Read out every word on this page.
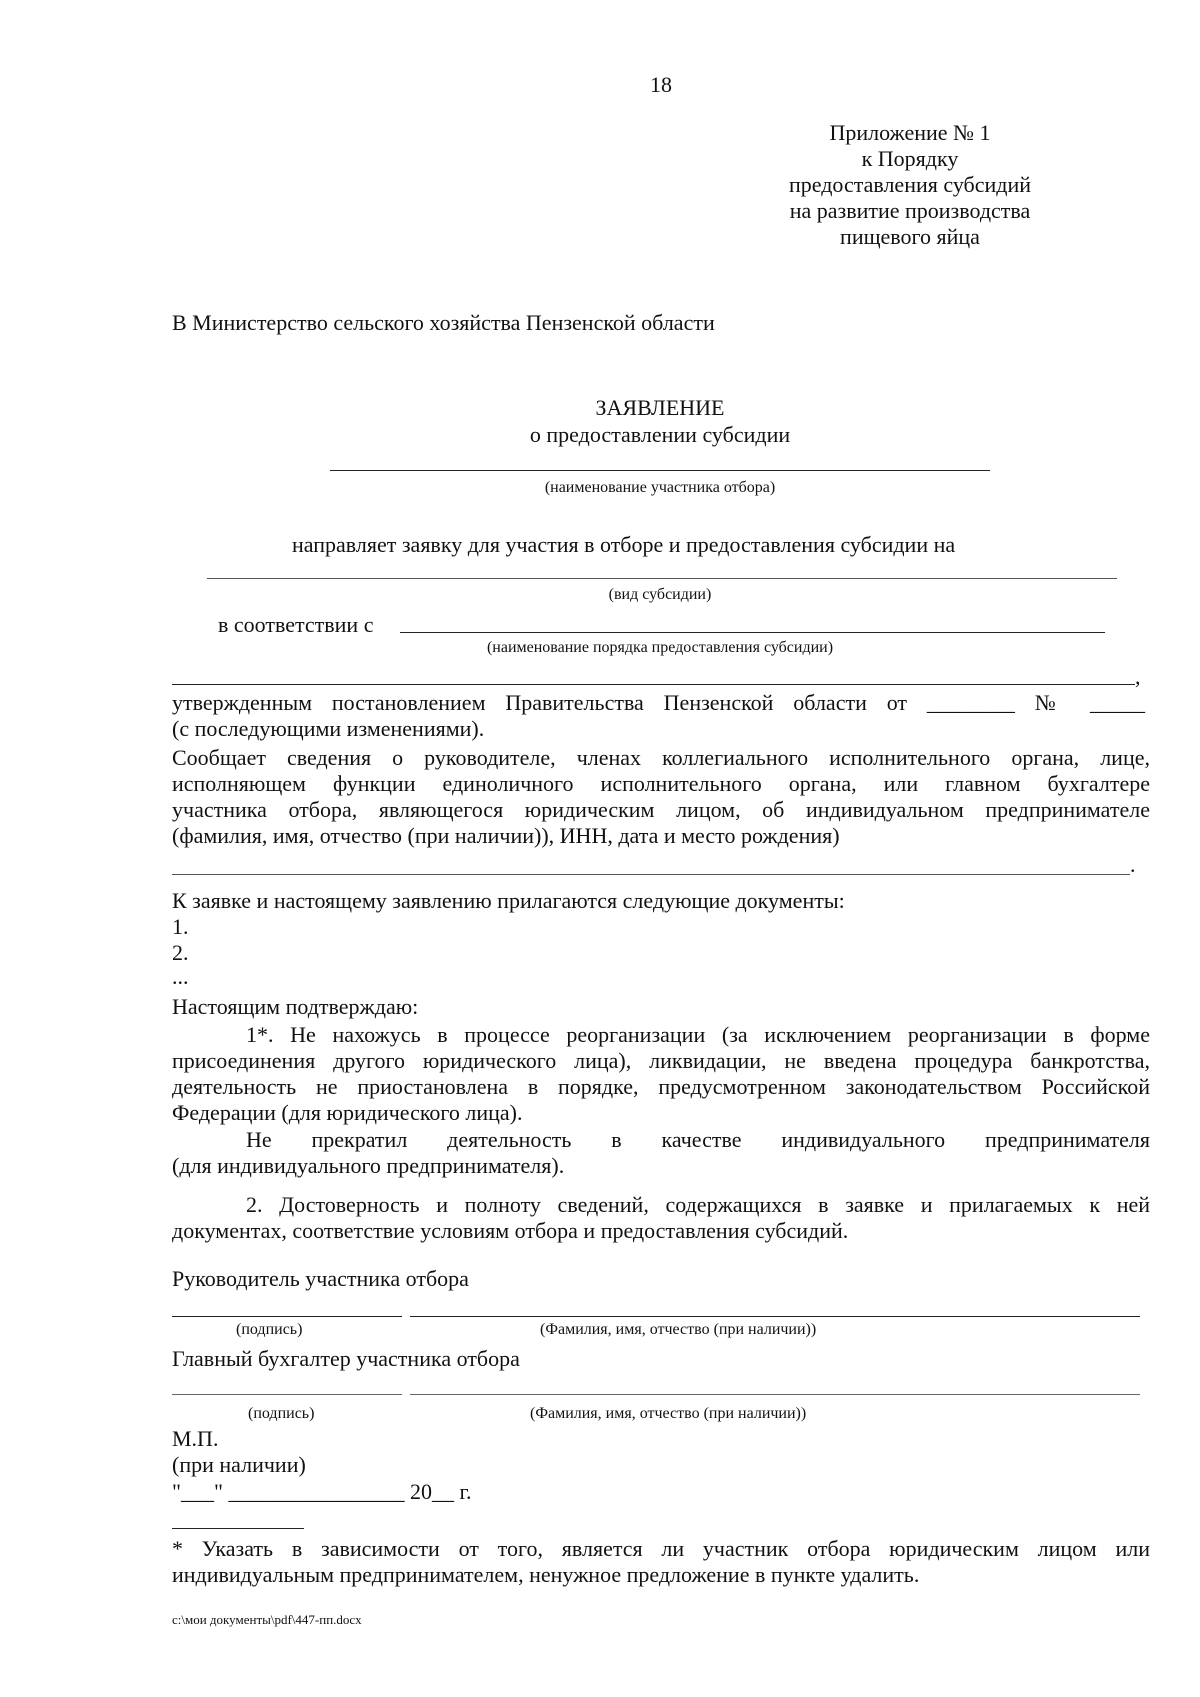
18
Приложение № 1
к Порядку
предоставления субсидий
на развитие производства
пищевого яйца
В Министерство сельского хозяйства Пензенской области
ЗАЯВЛЕНИЕ
о предоставлении субсидии
(наименование участника отбора)
направляет заявку для участия в отборе и предоставления субсидии на
(вид субсидии)
в соответствии с
(наименование порядка предоставления субсидии)
,
утвержденным постановлением Правительства Пензенской области от ________ № _____
(с последующими изменениями).
Сообщает сведения о руководителе, членах коллегиального исполнительного органа, лице,
исполняющем функции единоличного исполнительного органа, или главном бухгалтере
участника отбора, являющегося юридическим лицом, об индивидуальном предпринимателе
(фамилия, имя, отчество (при наличии)), ИНН, дата и место рождения)
.
К заявке и настоящему заявлению прилагаются следующие документы:
1.
2.
...
Настоящим подтверждаю:
1*. Не нахожусь в процессе реорганизации (за исключением реорганизации в форме
присоединения другого юридического лица), ликвидации, не введена процедура банкротства,
деятельность не приостановлена в порядке, предусмотренном законодательством Российской
Федерации (для юридического лица).
Не прекратил деятельность в качестве индивидуального предпринимателя
(для индивидуального предпринимателя).
2. Достоверность и полноту сведений, содержащихся в заявке и прилагаемых к ней
документах, соответствие условиям отбора и предоставления субсидий.
Руководитель участника отбора
(подпись)	(Фамилия, имя, отчество (при наличии))
Главный бухгалтер участника отбора
(подпись)	(Фамилия, имя, отчество (при наличии))
М.П.
(при наличии)
"___" ________________ 20__ г.
* Указать в зависимости от того, является ли участник отбора юридическим лицом или
индивидуальным предпринимателем, ненужное предложение в пункте удалить.
c:\мои документы\pdf\447-пп.docx
